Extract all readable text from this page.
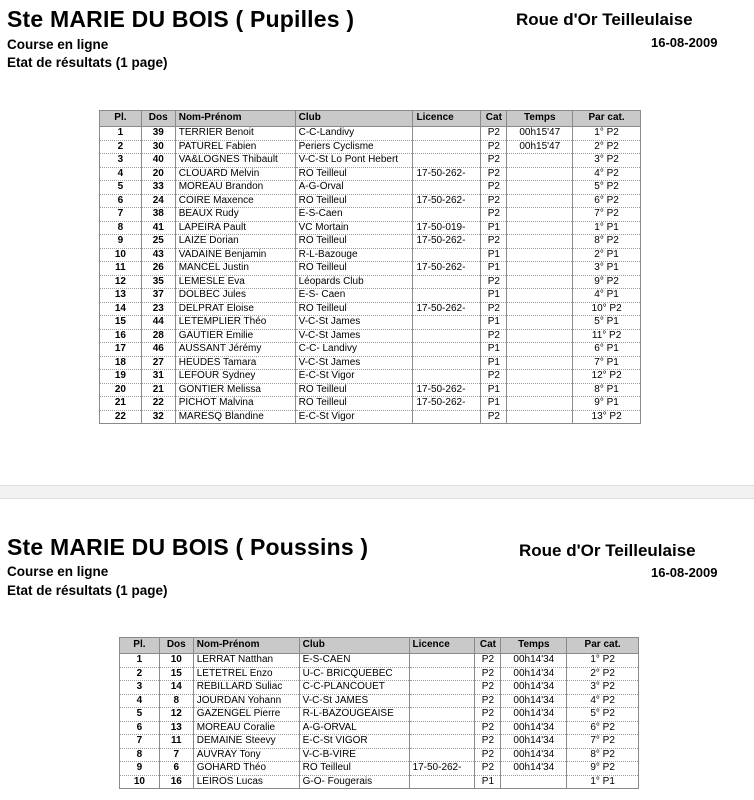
Ste MARIE DU BOIS ( Pupilles )	Roue d'Or Teilleulaise
16-08-2009
Course en ligne
Etat de résultats (1 page)
Pl.	Dos	Nom-Prénom	Club	Licence	Cat	Temps	Par cat.
1	39	TERRIER Benoit	C-C-Landivy		P2	00h15'47	1° P2
2	30	PATUREL Fabien	Periers Cyclisme		P2	00h15'47	2° P2
3	40	VA&LOGNES Thibault	V-C-St Lo Pont Hebert		P2		3° P2
4	20	CLOUARD Melvin	RO Teilleul	17-50-262-	P2		4° P2
5	33	MOREAU Brandon	A-G-Orval		P2		5° P2
6	24	COIRE Maxence	RO Teilleul	17-50-262-	P2		6° P2
7	38	BEAUX Rudy	E-S-Caen		P2		7° P2
8	41	LAPEIRA Pault	VC Mortain	17-50-019-	P1		1° P1
9	25	LAIZE Dorian	RO Teilleul	17-50-262-	P2		8° P2
10	43	VADAINE Benjamin	R-L-Bazouge		P1		2° P1
11	26	MANCEL Justin	RO Teilleul	17-50-262-	P1		3° P1
12	35	LEMESLE Eva	Léopards Club		P2		9° P2
13	37	DOLBEC Jules	E-S- Caen		P1		4° P1
14	23	DELPRAT Eloise	RO Teilleul	17-50-262-	P2		10° P2
15	44	LETEMPLIER Théo	V-C-St James		P1		5° P1
16	28	GAUTIER Emilie	V-C-St James		P2		11° P2
17	46	AUSSANT Jérémy	C-C- Landivy		P1		6° P1
18	27	HEUDES Tamara	V-C-St James		P1		7° P1
19	31	LEFOUR Sydney	E-C-St Vigor		P2		12° P2
20	21	GONTIER Melissa	RO Teilleul	17-50-262-	P1		8° P1
21	22	PICHOT Malvina	RO Teilleul	17-50-262-	P1		9° P1
22	32	MARESQ Blandine	E-C-St Vigor		P2		13° P2
Ste MARIE DU BOIS ( Poussins )	Roue d'Or Teilleulaise
16-08-2009
Course en ligne
Etat de résultats (1 page)
Pl.	Dos	Nom-Prénom	Club	Licence	Cat	Temps	Par cat.
1	10	LERRAT Natthan	E-S-CAEN		P2	00h14'34	1° P2
2	15	LETETREL Enzo	U-C- BRICQUEBEC		P2	00h14'34	2° P2
3	14	REBILLARD Suliac	C-C-PLANCOUET		P2	00h14'34	3° P2
4	8	JOURDAN Yohann	V-C-St JAMES		P2	00h14'34	4° P2
5	12	GAZENGEL Pierre	R-L-BAZOUGEAISE		P2	00h14'34	5° P2
6	13	MOREAU Coralie	A-G-ORVAL		P2	00h14'34	6° P2
7	11	DEMAINE Steevy	E-C-St VIGOR		P2	00h14'34	7° P2
8	7	AUVRAY Tony	V-C-B-VIRE		P2	00h14'34	8° P2
9	6	GOHARD Théo	RO Teilleul	17-50-262-	P2	00h14'34	9° P2
10	16	LEIROS Lucas	G-O- Fougerais		P1		1° P1
